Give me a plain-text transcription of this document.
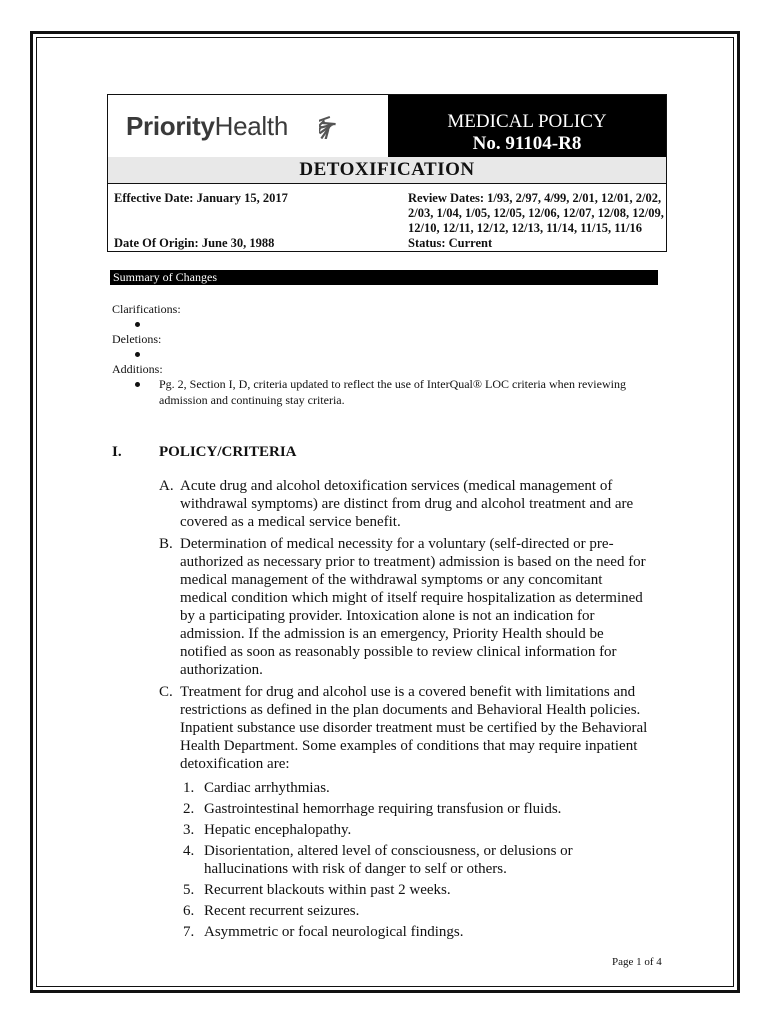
PriorityHealth	MEDICAL POLICY
No. 91104-R8
DETOXIFICATION
Effective Date: January 15, 2017
Date Of Origin: June 30, 1988
Review Dates: 1/93, 2/97, 4/99, 2/01, 12/01, 2/02,
2/03, 1/04, 1/05, 12/05, 12/06, 12/07, 12/08, 12/09,
12/10, 12/11, 12/12, 12/13, 11/14, 11/15, 11/16
Status: Current
Summary of Changes
Clarifications:
Deletions:
Additions:
Pg. 2, Section I, D, criteria updated to reflect the use of InterQual® LOC criteria when reviewing
admission and continuing stay criteria.
I. POLICY/CRITERIA
A. Acute drug and alcohol detoxification services (medical management of
withdrawal symptoms) are distinct from drug and alcohol treatment and are
covered as a medical service benefit.
B. Determination of medical necessity for a voluntary (self-directed or pre-
authorized as necessary prior to treatment) admission is based on the need for
medical management of the withdrawal symptoms or any concomitant
medical condition which might of itself require hospitalization as determined
by a participating provider. Intoxication alone is not an indication for
admission. If the admission is an emergency, Priority Health should be
notified as soon as reasonably possible to review clinical information for
authorization.
C. Treatment for drug and alcohol use is a covered benefit with limitations and
restrictions as defined in the plan documents and Behavioral Health policies.
Inpatient substance use disorder treatment must be certified by the Behavioral
Health Department. Some examples of conditions that may require inpatient
detoxification are:
1. Cardiac arrhythmias.
2. Gastrointestinal hemorrhage requiring transfusion or fluids.
3. Hepatic encephalopathy.
4. Disorientation, altered level of consciousness, or delusions or
hallucinations with risk of danger to self or others.
5. Recurrent blackouts within past 2 weeks.
6. Recent recurrent seizures.
7. Asymmetric or focal neurological findings.
Page 1 of 4
